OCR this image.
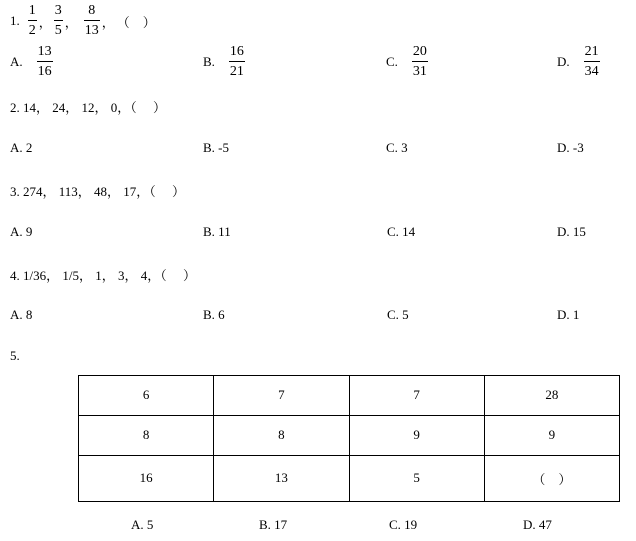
1. $\frac{1}{2}$ ， $\frac{3}{5}$ ， $\frac{8}{13}$ ， （　）
A. $\frac{13}{16}$	B. $\frac{16}{21}$	C. $\frac{20}{31}$	D. $\frac{21}{34}$
2. 14， 24， 12， 0，（　 ）
A. 2	B. -5	C. 3	D. -3
3. 274， 113， 48， 17，（　 ）
A. 9	B. 11	C. 14	D. 15
4. 1/36， 1/5， 1， 3， 4，（　 ）
A. 8	B. 6	C. 5	D. 1
5.
6	7	7	28
8	8	9	9
16	13	5	（　）
A. 5	B. 17	C. 19	D. 47
